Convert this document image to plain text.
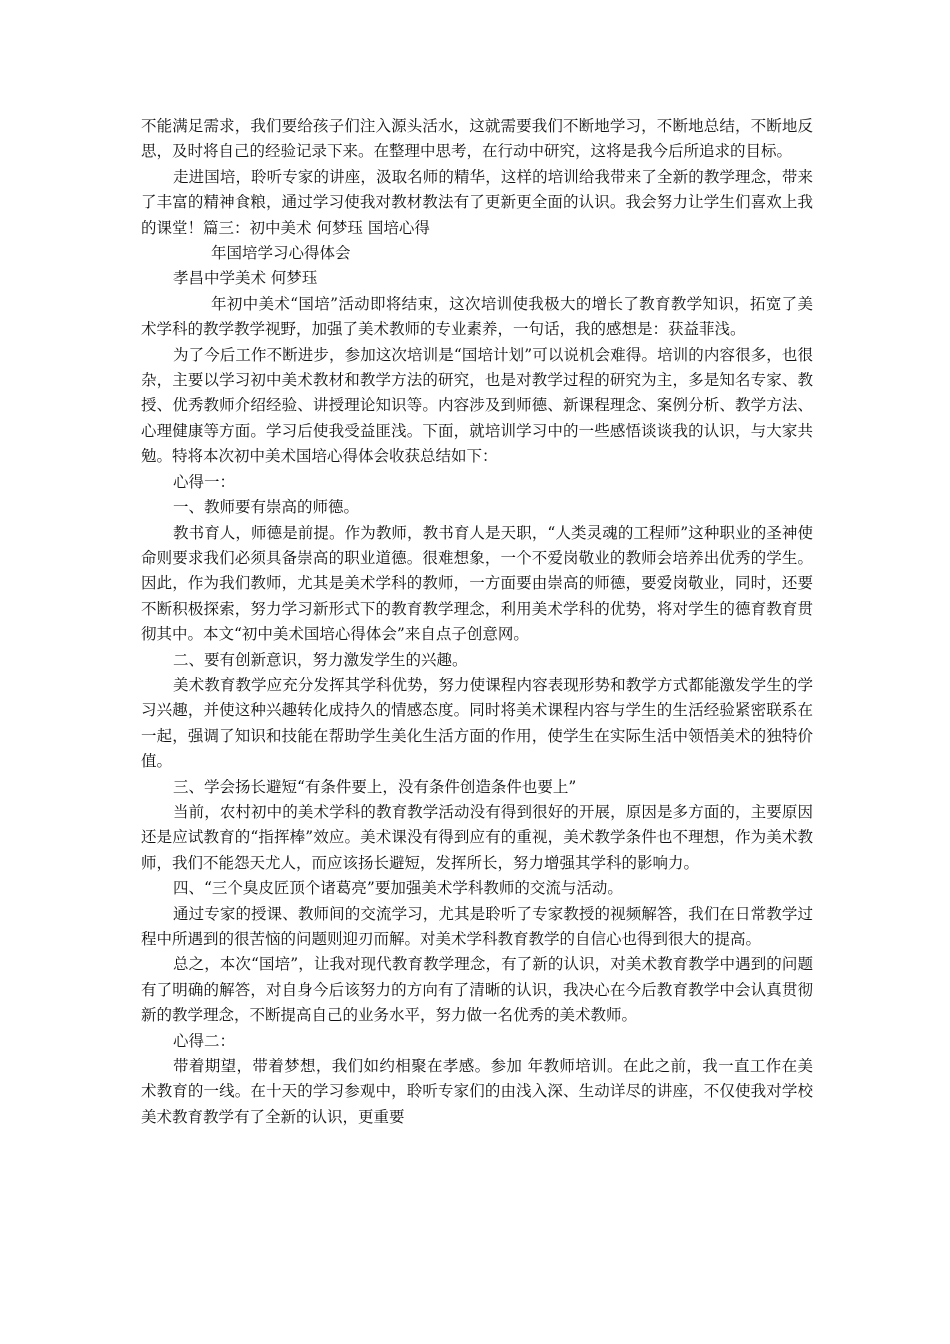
不能满足需求，我们要给孩子们注入源头活水，这就需要我们不断地学习，不断地总结，不断地反思，及时将自己的经验记录下来。在整理中思考，在行动中研究，这将是我今后所追求的目标。

走进国培，聆听专家的讲座，汲取名师的精华，这样的培训给我带来了全新的教学理念，带来了丰富的精神食粮，通过学习使我对教材教法有了更新更全面的认识。我会努力让学生们喜欢上我的课堂！篇三：初中美术 何梦珏 国培心得

年国培学习心得体会

孝昌中学美术 何梦珏

年初中美术“国培”活动即将结束，这次培训使我极大的增长了教育教学知识，拓宽了美术学科的教学教学视野，加强了美术教师的专业素养，一句话，我的感想是：获益菲浅。

为了今后工作不断进步，参加这次培训是“国培计划”可以说机会难得。培训的内容很多，也很杂，主要以学习初中美术教材和教学方法的研究，也是对教学过程的研究为主，多是知名专家、教授、优秀教师介绍经验、讲授理论知识等。内容涉及到师德、新课程理念、案例分析、教学方法、心理健康等方面。学习后使我受益匪浅。下面，就培训学习中的一些感悟谈谈我的认识，与大家共勉。特将本次初中美术国培心得体会收获总结如下：

心得一：

一、教师要有崇高的师德。

教书育人，师德是前提。作为教师，教书育人是天职，“人类灵魂的工程师”这种职业的圣神使命则要求我们必须具备崇高的职业道德。很难想象，一个不爱岗敬业的教师会培养出优秀的学生。因此，作为我们教师，尤其是美术学科的教师，一方面要由崇高的师德，要爱岗敬业，同时，还要不断积极探索，努力学习新形式下的教育教学理念，利用美术学科的优势，将对学生的德育教育贯彻其中。本文“初中美术国培心得体会”来自点子创意网。

二、要有创新意识，努力激发学生的兴趣。

美术教育教学应充分发挥其学科优势，努力使课程内容表现形势和教学方式都能激发学生的学习兴趣，并使这种兴趣转化成持久的情感态度。同时将美术课程内容与学生的生活经验紧密联系在一起，强调了知识和技能在帮助学生美化生活方面的作用，使学生在实际生活中领悟美术的独特价值。

三、学会扬长避短“有条件要上，没有条件创造条件也要上”

当前，农村初中的美术学科的教育教学活动没有得到很好的开展，原因是多方面的，主要原因还是应试教育的“指挥棒”效应。美术课没有得到应有的重视，美术教学条件也不理想，作为美术教师，我们不能怨天尤人，而应该扬长避短，发挥所长，努力增强其学科的影响力。

四、“三个臭皮匠顶个诸葛亮”要加强美术学科教师的交流与活动。

通过专家的授课、教师间的交流学习，尤其是聆听了专家教授的视频解答，我们在日常教学过程中所遇到的很苦恼的问题则迎刃而解。对美术学科教育教学的自信心也得到很大的提高。

总之，本次“国培”，让我对现代教育教学理念，有了新的认识，对美术教育教学中遇到的问题有了明确的解答，对自身今后该努力的方向有了清晰的认识，我决心在今后教育教学中会认真贯彻新的教学理念，不断提高自己的业务水平，努力做一名优秀的美术教师。

心得二：

带着期望，带着梦想，我们如约相聚在孝感。参加 年教师培训。在此之前，我一直工作在美术教育的一线。在十天的学习参观中，聆听专家们的由浅入深、生动详尽的讲座，不仅使我对学校美术教育教学有了全新的认识，更重要
